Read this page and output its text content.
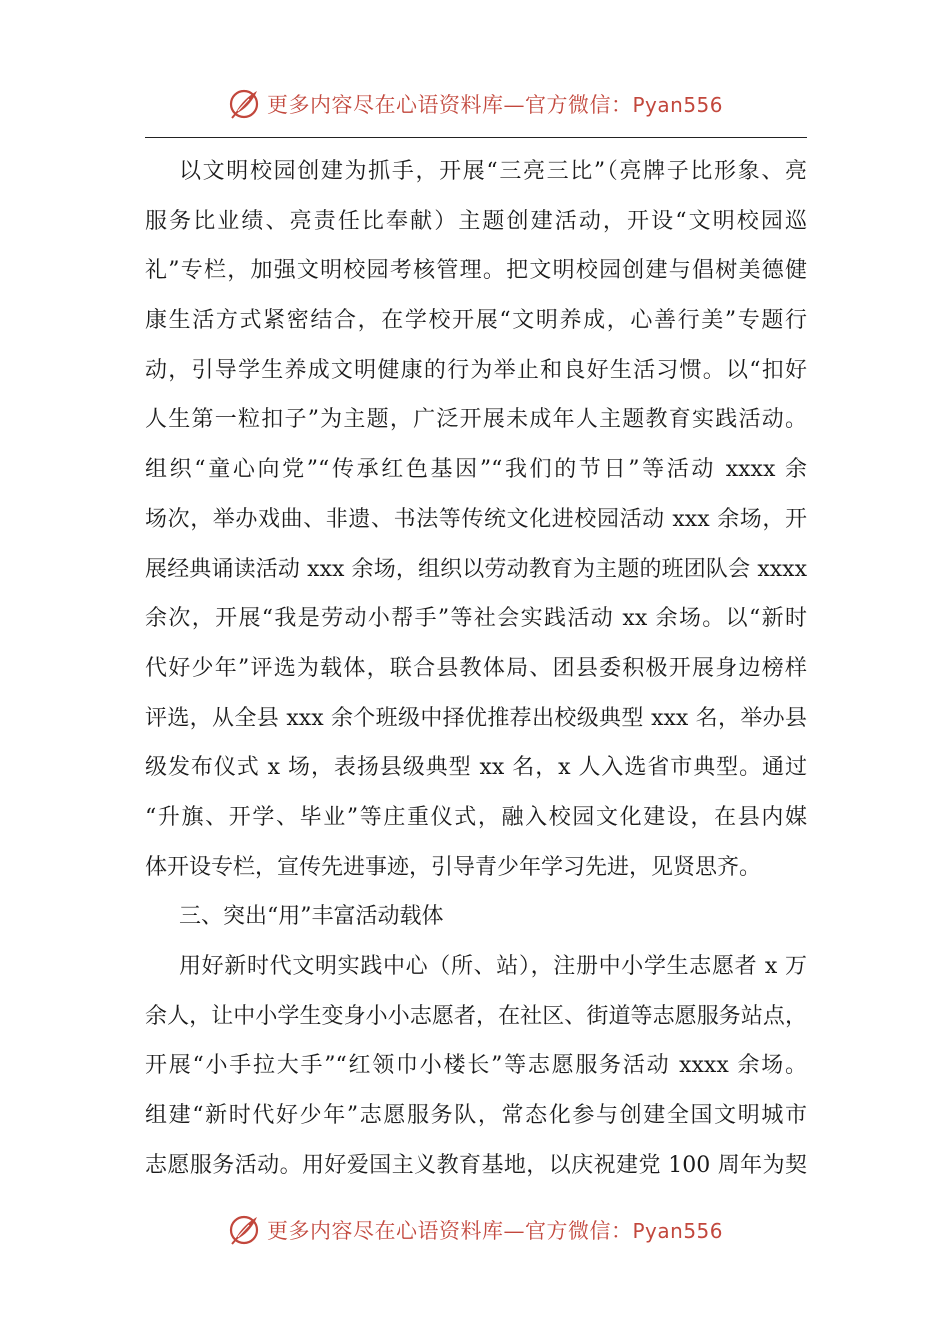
更多内容尽在心语资料库—官方微信：Pyan556
以文明校园创建为抓手，开展“三亮三比”（亮牌子比形象、亮
服务比业绩、亮责任比奉献）主题创建活动，开设“文明校园巡
礼”专栏，加强文明校园考核管理。把文明校园创建与倡树美德健
康生活方式紧密结合，在学校开展“文明养成，心善行美”专题行
动，引导学生养成文明健康的行为举止和良好生活习惯。以“扣好
人生第一粒扣子”为主题，广泛开展未成年人主题教育实践活动。
组织“童心向党”“传承红色基因”“我们的节日”等活动 xxxx 余
场次，举办戏曲、非遗、书法等传统文化进校园活动 xxx 余场，开
展经典诵读活动 xxx 余场，组织以劳动教育为主题的班团队会 xxxx
余次，开展“我是劳动小帮手”等社会实践活动 xx 余场。以“新时
代好少年”评选为载体，联合县教体局、团县委积极开展身边榜样
评选，从全县 xxx 余个班级中择优推荐出校级典型 xxx 名，举办县
级发布仪式 x 场，表扬县级典型 xx 名，x 人入选省市典型。通过
“升旗、开学、毕业”等庄重仪式，融入校园文化建设，在县内媒
体开设专栏，宣传先进事迹，引导青少年学习先进，见贤思齐。
三、突出“用”丰富活动载体
用好新时代文明实践中心（所、站），注册中小学生志愿者 x 万
余人，让中小学生变身小小志愿者，在社区、街道等志愿服务站点，
开展“小手拉大手”“红领巾小楼长”等志愿服务活动 xxxx 余场。
组建“新时代好少年”志愿服务队，常态化参与创建全国文明城市
志愿服务活动。用好爱国主义教育基地，以庆祝建党 100 周年为契
更多内容尽在心语资料库—官方微信：Pyan556
